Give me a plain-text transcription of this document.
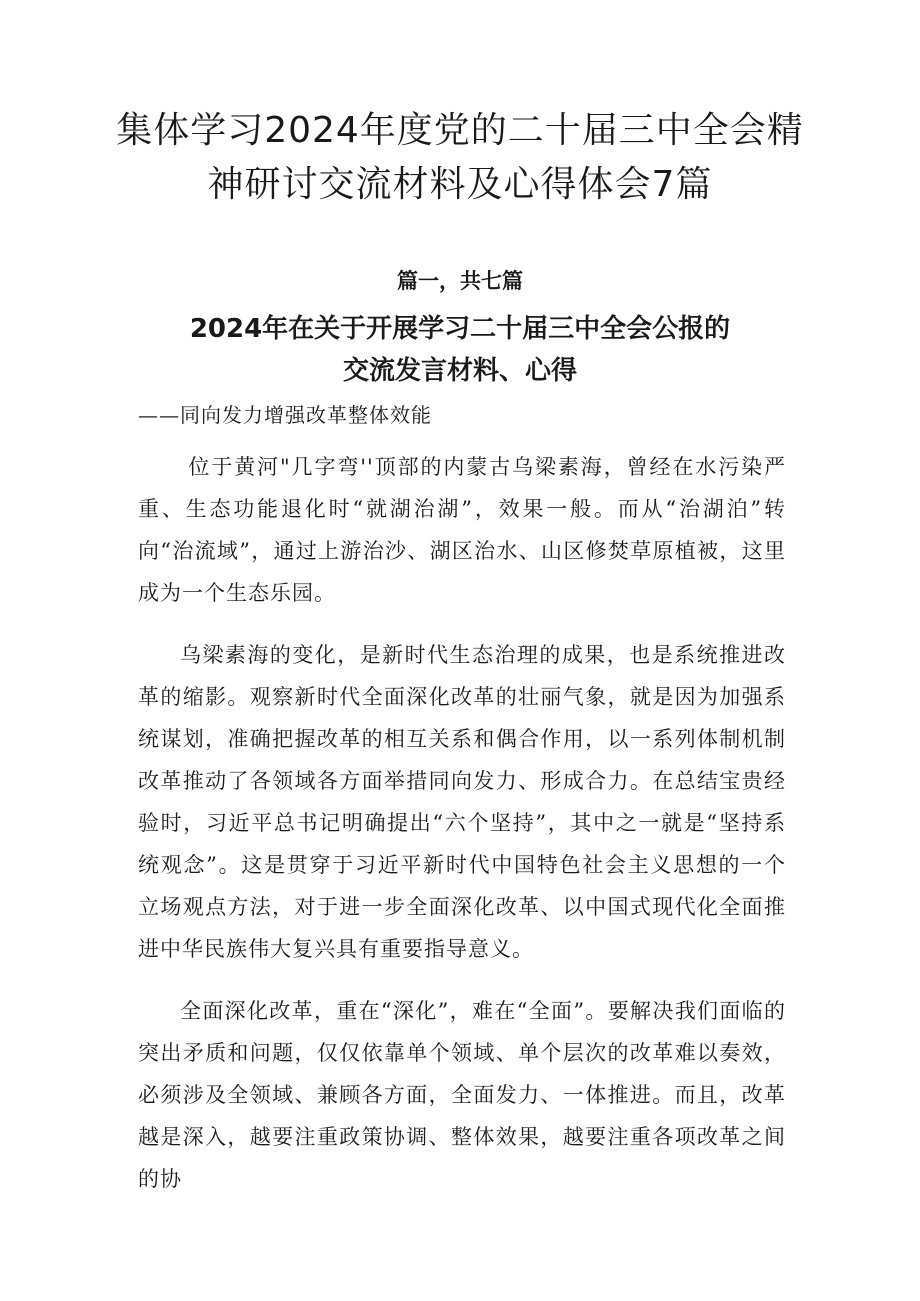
集体学习2024年度党的二十届三中全会精
神研讨交流材料及心得体会7篇
篇一，共七篇
2024年在关于开展学习二十届三中全会公报的
交流发言材料、心得
——同向发力增强改革整体效能

位于黄河"几字弯''顶部的内蒙古乌梁素海，曾经在水污染严重、生态功能退化时“就湖治湖”，效果一般。而从“治湖泊”转向“治流域”，通过上游治沙、湖区治水、山区修焚草原植被，这里成为一个生态乐园。

乌梁素海的变化，是新时代生态治理的成果，也是系统推进改革的缩影。观察新时代全面深化改革的壮丽气象，就是因为加强系统谋划，准确把握改革的相互关系和偶合作用，以一系列体制机制改革推动了各领域各方面举措同向发力、形成合力。在总结宝贵经验时，习近平总书记明确提出“六个坚持”，其中之一就是“坚持系统观念”。这是贯穿于习近平新时代中国特色社会主义思想的一个立场观点方法，对于进一步全面深化改革、以中国式现代化全面推进中华民族伟大复兴具有重要指导意义。

全面深化改革，重在“深化”，难在“全面”。要解决我们面临的突出矛质和问题，仅仅依靠单个领域、单个层次的改革难以奏效，必须涉及全领域、兼顾各方面，全面发力、一体推进。而且，改革越是深入，越要注重政策协调、整体效果，越要注重各项改革之间的协
